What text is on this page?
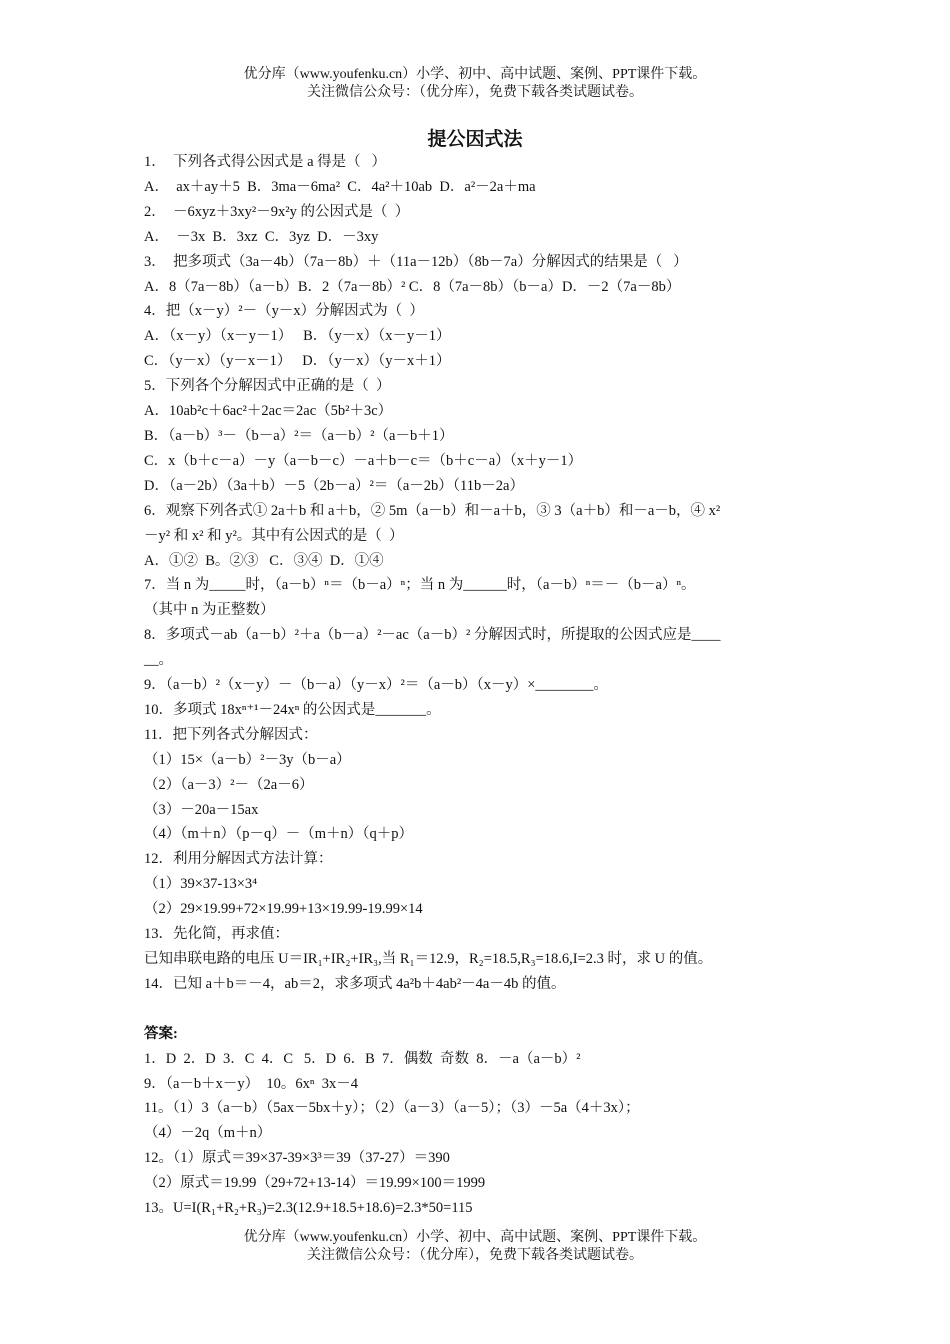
优分库（www.youfenku.cn）小学、初中、高中试题、案例、PPT课件下载。
关注微信公众号：（优分库），免费下载各类试题试卷。
提公因式法
1．  下列各式得公因式是 a 得是（   ）
A．  ax＋ay＋5  B．3ma－6ma²  C．4a²＋10ab  D．a²－2a＋ma
2．  －6xyz＋3xy²－9x²y 的公因式是（  ）
A．  －3x  B．3xz  C．3yz  D．－3xy
3．  把多项式（3a－4b）（7a－8b）＋（11a－12b）（8b－7a）分解因式的结果是（   ）
A．8（7a－8b）（a－b）B．2（7a－8b）² C．8（7a－8b）（b－a）D．－2（7a－8b）
4．把（x－y）²－（y－x）分解因式为（  ）
A．（x－y）（x－y－1）   B．（y－x）（x－y－1）
C．（y－x）（y－x－1）   D．（y－x）（y－x＋1）
5．下列各个分解因式中正确的是（  ）
A．10ab²c＋6ac²＋2ac＝2ac（5b²＋3c）
B．（a－b）³－（b－a）²＝（a－b）²（a－b＋1）
C．x（b＋c－a）－y（a－b－c）－a＋b－c＝（b＋c－a）（x＋y－1）
D．（a－2b）（3a＋b）－5（2b－a）²＝（a－2b）（11b－2a）
6．观察下列各式① 2a＋b 和 a＋b，② 5m（a－b）和－a＋b，③ 3（a＋b）和－a－b，④ x²
－y² 和 x² 和 y²。其中有公因式的是（  ）
A．①②  B。②③   C．③④  D．①④
7．当 n 为_____时，（a－b）ⁿ＝（b－a）ⁿ；当 n 为______时，（a－b）ⁿ＝－（b－a）ⁿ。
（其中 n 为正整数）
8．多项式－ab（a－b）²＋a（b－a）²－ac（a－b）² 分解因式时，所提取的公因式应是____
__。
9．（a－b）²（x－y）－（b－a）（y－x）²＝（a－b）（x－y）×________。
10．多项式 18xⁿ⁺¹－24xⁿ 的公因式是_______。
11．把下列各式分解因式：
（1）15×（a－b）²－3y（b－a）
（2）（a－3）²－（2a－6）
（3）－20a－15ax
（4）（m＋n）（p－q）－（m＋n）（q＋p）
12．利用分解因式方法计算：
（1）39×37-13×3⁴
（2）29×19.99+72×19.99+13×19.99-19.99×14
13．先化简，再求值：
已知串联电路的电压 U＝IR₁+IR₂+IR₃,当 R₁＝12.9，R₂=18.5,R₃=18.6,I=2.3 时，求 U 的值。
14．已知 a＋b＝－4，ab＝2，求多项式 4a²b＋4ab²－4a－4b 的值。
答案:
1．D  2．D  3．C  4．C   5．D  6．B  7．偶数  奇数  8．－a（a－b）²
9．（a－b＋x－y）  10。6xⁿ  3x－4
11。（1）3（a－b）（5ax－5bx＋y）；（2）（a－3）（a－5）；（3）－5a（4＋3x）；
（4）－2q（m＋n）
12。（1）原式＝39×37-39×3³＝39（37-27）＝390
（2）原式＝19.99（29+72+13-14）＝19.99×100＝1999
13。U=I(R₁+R₂+R₃)=2.3(12.9+18.5+18.6)=2.3*50=115
优分库（www.youfenku.cn）小学、初中、高中试题、案例、PPT课件下载。
关注微信公众号：（优分库），免费下载各类试题试卷。
